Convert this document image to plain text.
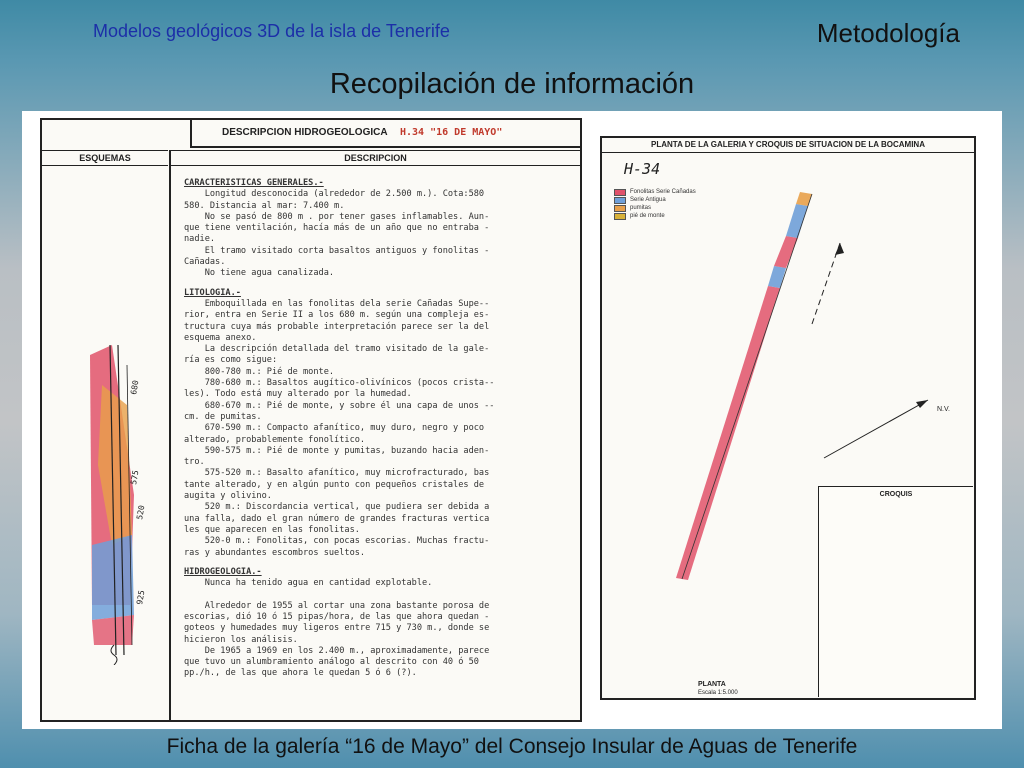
Modelos geológicos 3D de la isla de Tenerife	Metodología
Recopilación de información
DESCRIPCION HIDROGEOLOGICA H.34 "16 DE MAYO"
ESQUEMAS	DESCRIPCION
680
575
520
925
CARACTERISTICAS GENERALES.-
Longitud desconocida (alrededor de 2.500 m.). Cota:580
580. Distancia al mar: 7.400 m.
No se pasó de 800 m . por tener gases inflamables. Aun-
que tiene ventilación, hacía más de un año que no entraba -
nadie.
El tramo visitado corta basaltos antiguos y fonolitas -
Cañadas.
No tiene agua canalizada.
LITOLOGIA.-
Emboquillada en las fonolitas dela serie Cañadas Supe--
rior, entra en Serie II a los 680 m. según una compleja es-
tructura cuya más probable interpretación parece ser la del
esquema anexo.
La descripción detallada del tramo visitado de la gale-
ría es como sigue:
800-780 m.: Pié de monte.
780-680 m.: Basaltos augítico-olivínicos (pocos crista--
les). Todo está muy alterado por la humedad.
680-670 m.: Pié de monte, y sobre él una capa de unos --
cm. de pumitas.
670-590 m.: Compacto afanítico, muy duro, negro y poco
alterado, probablemente fonolítico.
590-575 m.: Pié de monte y pumitas, buzando hacia aden-
tro.
575-520 m.: Basalto afanítico, muy microfracturado, bas
tante alterado, y en algún punto con pequeños cristales de
augita y olivino.
520 m.: Discordancia vertical, que pudiera ser debida a
una falla, dado el gran número de grandes fracturas vertica
les que aparecen en las fonolitas.
520-0 m.: Fonolitas, con pocas escorias. Muchas fractu-
ras y abundantes escombros sueltos.
HIDROGEOLOGIA.-
Nunca ha tenido agua en cantidad explotable.

Alrededor de 1955 al cortar una zona bastante porosa de
escorias, dió 10 ó 15 pipas/hora, de las que ahora quedan -
goteos y humedades muy ligeros entre 715 y 730 m., donde se
hicieron los análisis.
De 1965 a 1969 en los 2.400 m., aproximadamente, parece
que tuvo un alumbramiento análogo al descrito con 40 ó 50
pp./h., de las que ahora le quedan 5 ó 6 (?).
PLANTA DE LA GALERIA Y CROQUIS DE SITUACION DE LA BOCAMINA
H-34
Fonolitas Serie Cañadas
Serie Antigua
pumitas
pié de monte
N.V.
CROQUIS
PLANTA
Escala 1:5.000
Ficha de la galería “16 de Mayo” del Consejo Insular de Aguas de Tenerife
